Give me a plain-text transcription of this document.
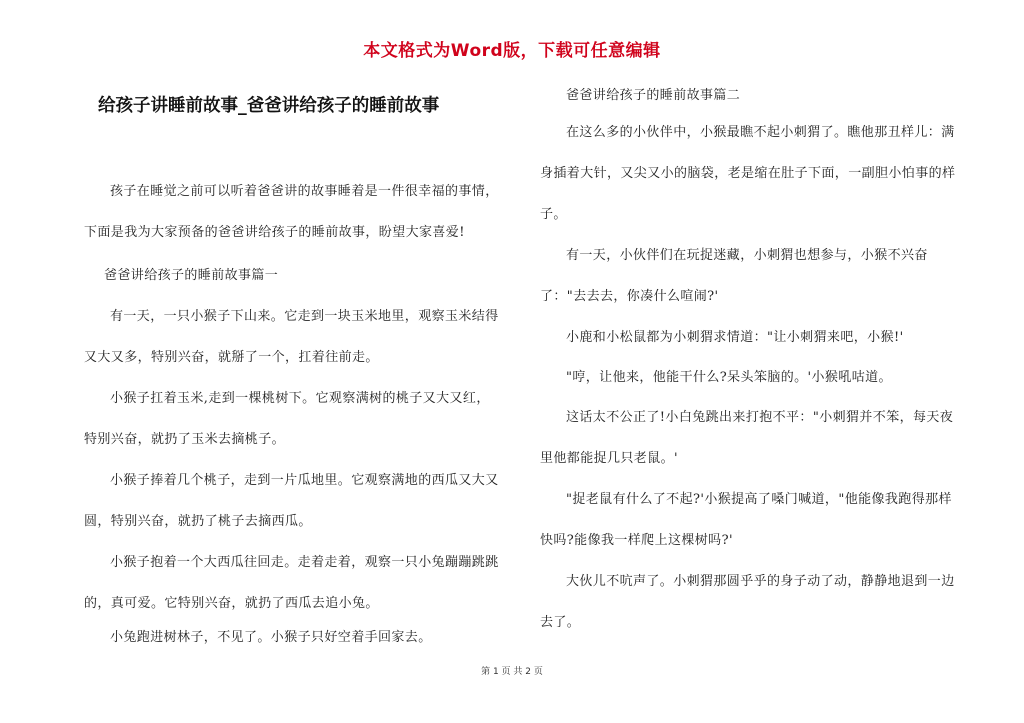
本文格式为Word版，下载可任意编辑
给孩子讲睡前故事_爸爸讲给孩子的睡前故事

孩子在睡觉之前可以听着爸爸讲的故事睡着是一件很幸福的事情，下面是我为大家预备的爸爸讲给孩子的睡前故事，盼望大家喜爱!

爸爸讲给孩子的睡前故事篇一

有一天，一只小猴子下山来。它走到一块玉米地里，观察玉米结得又大又多，特别兴奋，就掰了一个，扛着往前走。

小猴子扛着玉米,走到一棵桃树下。它观察满树的桃子又大又红，特别兴奋，就扔了玉米去摘桃子。

小猴子捧着几个桃子，走到一片瓜地里。它观察满地的西瓜又大又圆，特别兴奋，就扔了桃子去摘西瓜。

小猴子抱着一个大西瓜往回走。走着走着，观察一只小兔蹦蹦跳跳的，真可爱。它特别兴奋，就扔了西瓜去追小兔。

小兔跑进树林子，不见了。小猴子只好空着手回家去。

爸爸讲给孩子的睡前故事篇二

在这么多的小伙伴中，小猴最瞧不起小刺猬了。瞧他那丑样儿：满身插着大针，又尖又小的脑袋，老是缩在肚子下面，一副胆小怕事的样子。

有一天，小伙伴们在玩捉迷藏，小刺猬也想参与，小猴不兴奋了："去去去，你凑什么喧闹?'

小鹿和小松鼠都为小刺猬求情道："让小刺猬来吧，小猴!'

"哼，让他来，他能干什么?呆头笨脑的。'小猴吼咕道。

这话太不公正了!小白兔跳出来打抱不平："小刺猬并不笨，每天夜里他都能捉几只老鼠。'

"捉老鼠有什么了不起?'小猴提高了嗓门喊道，"他能像我跑得那样快吗?能像我一样爬上这棵树吗?'

大伙儿不吭声了。小刺猬那圆乎乎的身子动了动，静静地退到一边去了。

第 1 页 共 2 页
